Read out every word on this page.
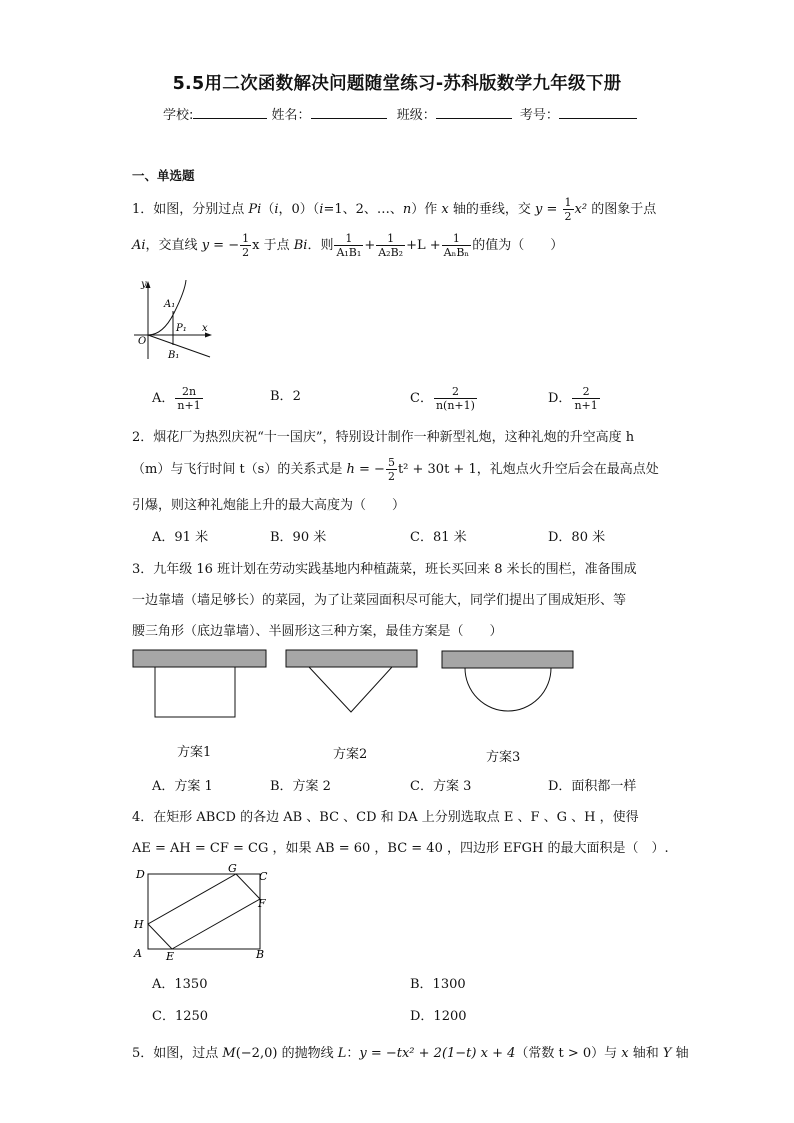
5.5用二次函数解决问题随堂练习-苏科版数学九年级下册
学校:	姓名：	班级：	考号：
一、单选题
1．如图，分别过点 Pi（i，0）（i=1、2、…、n）作 x 轴的垂线，交 $y = \frac{1}{2} x^2$ 的图象于点
Ai，交直线 y = − $\frac{1}{2}$ x 于点 Bi．则 $\frac{1}{\text{A₁B₁}} + \frac{1}{\text{A₂B₂}} +L + \frac{1}{\text{AₙBₙ}}$ 的值为（　　）
y
x
O
A₁
P₁
B₁
A． $\frac{2n}{n+1}$	B．2	C． $\frac{2}{n(n+1)}$	D． $\frac{2}{n+1}$
2．烟花厂为热烈庆祝“十一国庆”，特别设计制作一种新型礼炮，这种礼炮的升空高度 h
（m）与飞行时间 t（s）的关系式是 h = − $\frac{5}{2} t^2 + 30t + 1$，礼炮点火升空后会在最高点处
引爆，则这种礼炮能上升的最大高度为（　　）
A．91 米	B．90 米	C．81 米	D．80 米
3．九年级 16 班计划在劳动实践基地内种植蔬菜，班长买回来 8 米长的围栏，准备围成
一边靠墙（墙足够长）的菜园，为了让菜园面积尽可能大，同学们提出了围成矩形、等
腰三角形（底边靠墙）、半圆形这三种方案，最佳方案是（　　）
方案1	方案2	方案3
A．方案 1	B．方案 2	C．方案 3	D．面积都一样
4．在矩形 ABCD 的各边 AB 、BC 、CD 和 DA 上分别选取点 E 、F 、G 、H ，使得
AE = AH = CF = CG ，如果 AB = 60 ，BC = 40 ，四边形 EFGH 的最大面积是（　）.
D	G
C
H
F
A E	B
A．1350	B．1300
C．1250	D．1200
5．如图，过点 M(−2,0) 的抛物线 L：y = −tx² + 2(1−t) x + 4（常数 t > 0）与 x 轴和 Y 轴
